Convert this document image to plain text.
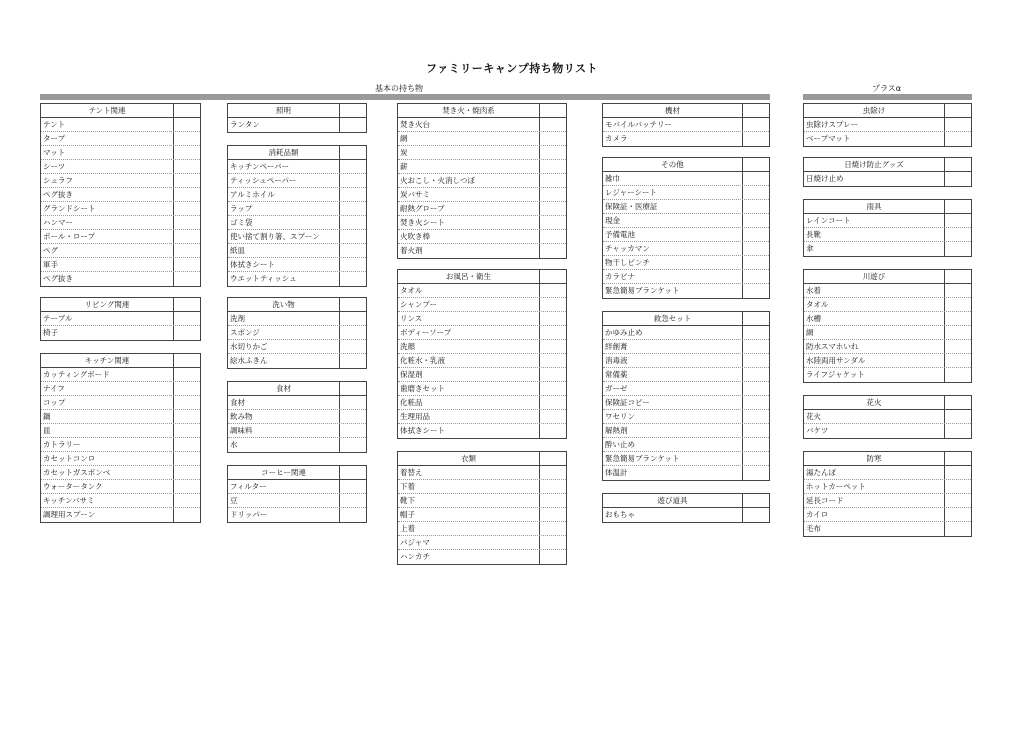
ファミリーキャンプ持ち物リスト
基本の持ち物	プラスα
テント関連
テント
タープ
マット
シーツ
シュラフ
ペグ抜き
グランドシート
ハンマー
ポール・ロープ
ペグ
軍手
ペグ抜き
リビング関連
テーブル
椅子
キッチン関連
カッティングボード
ナイフ
コップ
鍋
皿
カトラリー
カセットコンロ
カセットガスボンベ
ウォータータンク
キッチンバサミ
調理用スプーン
照明
ランタン
消耗品類
キッチンペーパー
ティッシュペーパー
アルミホイル
ラップ
ゴミ袋
使い捨て割り箸、スプーン
紙皿
体拭きシート
ウエットティッシュ
洗い物
洗剤
スポンジ
水切りかご
絵水ふきん
食材
食材
飲み物
調味料
水
コーヒー関連
フィルター
豆
ドリッパー
焚き火・焼肉系
焚き火台
網
炭
薪
火おこし・火消しつぼ
炭バサミ
耐熱グローブ
焚き火シート
火吹き棒
着火剤
お風呂・衛生
タオル
シャンプー
リンス
ボディーソープ
洗顔
化粧水・乳液
保湿剤
歯磨きセット
化粧品
生理用品
体拭きシート
衣類
着替え
下着
靴下
帽子
上着
パジャマ
ハンカチ
機材
モバイルバッテリー
カメラ
その他
雑巾
レジャーシート
保険証・医療証
現金
予備電池
チャッカマン
物干しピンチ
カラビナ
緊急簡易ブランケット
救急セット
かゆみ止め
絆創膏
消毒液
常備薬
ガーゼ
保険証コピー
ワセリン
解熱剤
酔い止め
緊急簡易ブランケット
体温計
遊び道具
おもちゃ
虫除け
虫除けスプレー
ベープマット
日焼け防止グッズ
日焼け止め
雨具
レインコート
長靴
傘
川遊び
水着
タオル
水槽
網
防水スマホいれ
水陸両用サンダル
ライフジャケット
花火
花火
バケツ
防寒
湯たんぽ
ホットカーペット
延長コード
カイロ
毛布
